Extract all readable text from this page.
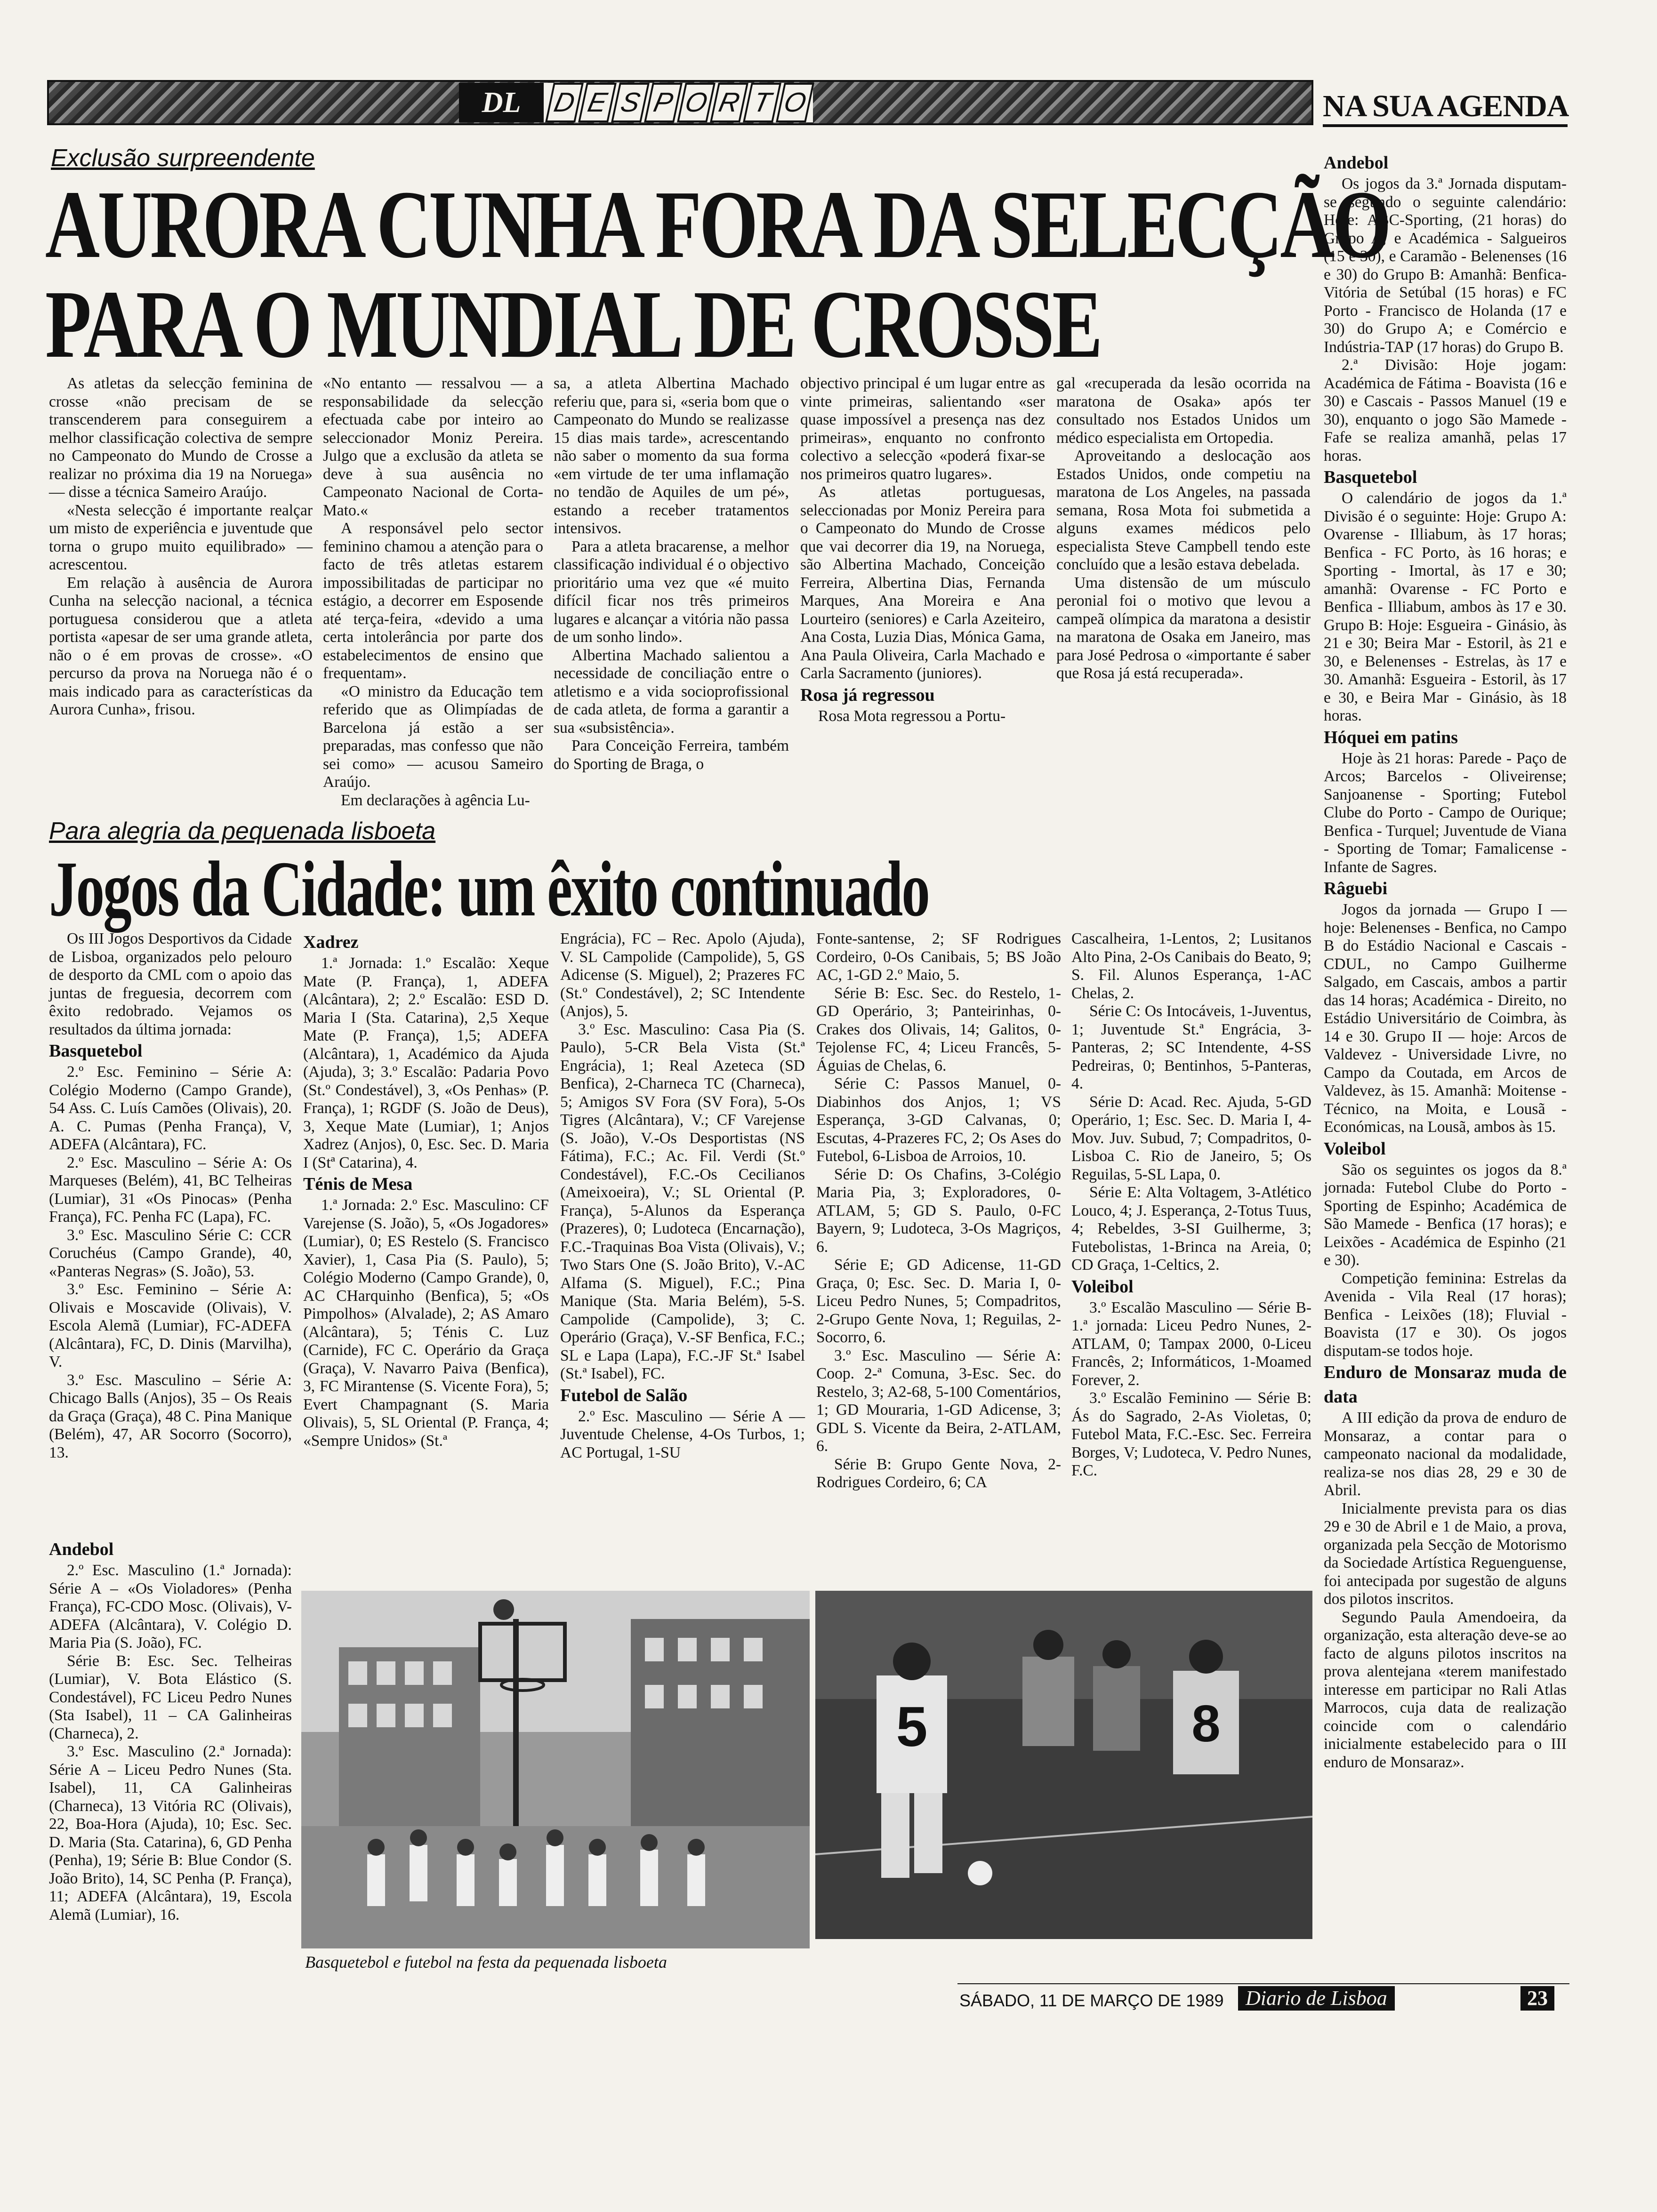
DL	D E S P O R T O	NA SUA AGENDA
Exclusão surpreendente
AURORA CUNHA FORA DA SELECÇÃO
PARA O MUNDIAL DE CROSSE

As atletas da selecção feminina de crosse «não precisam de se transcenderem para conseguirem a melhor classificação colectiva de sempre no Campeonato do Mundo de Crosse a realizar no próxima dia 19 na Noruega» — disse a técnica Sameiro Araújo.

«Nesta selecção é importante realçar um misto de experiência e juventude que torna o grupo muito equilibrado» — acrescentou.

Em relação à ausência de Aurora Cunha na selecção nacional, a técnica portuguesa considerou que a atleta portista «apesar de ser uma grande atleta, não o é em provas de crosse». «O percurso da prova na Noruega não é o mais indicado para as características da Aurora Cunha», frisou.

«No entanto — ressalvou — a responsabilidade da selecção efectuada cabe por inteiro ao seleccionador Moniz Pereira. Julgo que a exclusão da atleta se deve à sua ausência no Campeonato Nacional de Corta-Mato.«

A responsável pelo sector feminino chamou a atenção para o facto de três atletas estarem impossibilitadas de participar no estágio, a decorrer em Esposende até terça-feira, «devido a uma certa intolerância por parte dos estabelecimentos de ensino que frequentam».

«O ministro da Educação tem referido que as Olimpíadas de Barcelona já estão a ser preparadas, mas confesso que não sei como» — acusou Sameiro Araújo.

Em declarações à agência Lu-

sa, a atleta Albertina Machado referiu que, para si, «seria bom que o Campeonato do Mundo se realizasse 15 dias mais tarde», acrescentando não saber o momento da sua forma «em virtude de ter uma inflamação no tendão de Aquiles de um pé», estando a receber tratamentos intensivos.

Para a atleta bracarense, a melhor classificação individual é o objectivo prioritário uma vez que «é muito difícil ficar nos três primeiros lugares e alcançar a vitória não passa de um sonho lindo».

Albertina Machado salientou a necessidade de conciliação entre o atletismo e a vida socioprofissional de cada atleta, de forma a garantir a sua «subsistência».

Para Conceição Ferreira, também do Sporting de Braga, o

objectivo principal é um lugar entre as vinte primeiras, salientando «ser quase impossível a presença nas dez primeiras», enquanto no confronto colectivo a selecção «poderá fixar-se nos primeiros quatro lugares».

As atletas portuguesas, seleccionadas por Moniz Pereira para o Campeonato do Mundo de Crosse que vai decorrer dia 19, na Noruega, são Albertina Machado, Conceição Ferreira, Albertina Dias, Fernanda Marques, Ana Moreira e Ana Lourteiro (seniores) e Carla Azeiteiro, Ana Costa, Luzia Dias, Mónica Gama, Ana Paula Oliveira, Carla Machado e Carla Sacramento (juniores).

Rosa já regressou

Rosa Mota regressou a Portu-

gal «recuperada da lesão ocorrida na maratona de Osaka» após ter consultado nos Estados Unidos um médico especialista em Ortopedia.

Aproveitando a deslocação aos Estados Unidos, onde competiu na maratona de Los Angeles, na passada semana, Rosa Mota foi submetida a alguns exames médicos pelo especialista Steve Campbell tendo este concluído que a lesão estava debelada.

Uma distensão de um músculo peronial foi o motivo que levou a campeã olímpica da maratona a desistir na maratona de Osaka em Janeiro, mas para José Pedrosa o «importante é saber que Rosa já está recuperada».

Para alegria da pequenada lisboeta
Jogos da Cidade: um êxito continuado

Os III Jogos Desportivos da Cidade de Lisboa, organizados pelo pelouro de desporto da CML com o apoio das juntas de freguesia, decorrem com êxito redobrado. Vejamos os resultados da última jornada:

Basquetebol

2.º Esc. Feminino – Série A: Colégio Moderno (Campo Grande), 54 Ass. C. Luís Camões (Olivais), 20. A. C. Pumas (Penha França), V, ADEFA (Alcântara), FC.

2.º Esc. Masculino – Série A: Os Marqueses (Belém), 41, BC Telheiras (Lumiar), 31 «Os Pinocas» (Penha França), FC. Penha FC (Lapa), FC.

3.º Esc. Masculino Série C: CCR Coruchéus (Campo Grande), 40, «Panteras Negras» (S. João), 53.

3.º Esc. Feminino – Série A: Olivais e Moscavide (Olivais), V. Escola Alemã (Lumiar), FC-ADEFA (Alcântara), FC, D. Dinis (Marvilha), V.

3.º Esc. Masculino – Série A: Chicago Balls (Anjos), 35 – Os Reais da Graça (Graça), 48 C. Pina Manique (Belém), 47, AR Socorro (Socorro), 13.

Andebol

2.º Esc. Masculino (1.ª Jornada): Série A – «Os Violadores» (Penha França), FC-CDO Mosc. (Olivais), V-ADEFA (Alcântara), V. Colégio D. Maria Pia (S. João), FC.

Série B: Esc. Sec. Telheiras (Lumiar), V. Bota Elástico (S. Condestável), FC Liceu Pedro Nunes (Sta Isabel), 11 – CA Galinheiras (Charneca), 2.

3.º Esc. Masculino (2.ª Jornada): Série A – Liceu Pedro Nunes (Sta. Isabel), 11, CA Galinheiras (Charneca), 13 Vitória RC (Olivais), 22, Boa-Hora (Ajuda), 10; Esc. Sec. D. Maria (Sta. Catarina), 6, GD Penha (Penha), 19; Série B: Blue Condor (S. João Brito), 14, SC Penha (P. França), 11; ADEFA (Alcântara), 19, Escola Alemã (Lumiar), 16.

Xadrez

1.ª Jornada: 1.º Escalão: Xeque Mate (P. França), 1, ADEFA (Alcântara), 2; 2.º Escalão: ESD D. Maria I (Sta. Catarina), 2,5 Xeque Mate (P. França), 1,5; ADEFA (Alcântara), 1, Académico da Ajuda (Ajuda), 3; 3.º Escalão: Padaria Povo (St.º Condestável), 3, «Os Penhas» (P. França), 1; RGDF (S. João de Deus), 3, Xeque Mate (Lumiar), 1; Anjos Xadrez (Anjos), 0, Esc. Sec. D. Maria I (Stª Catarina), 4.

Ténis de Mesa

1.ª Jornada: 2.º Esc. Masculino: CF Varejense (S. João), 5, «Os Jogadores» (Lumiar), 0; ES Restelo (S. Francisco Xavier), 1, Casa Pia (S. Paulo), 5; Colégio Moderno (Campo Grande), 0, AC CHarquinho (Benfica), 5; «Os Pimpolhos» (Alvalade), 2; AS Amaro (Alcântara), 5; Ténis C. Luz (Carnide), FC C. Operário da Graça (Graça), V. Navarro Paiva (Benfica), 3, FC Mirantense (S. Vicente Fora), 5; Evert Champagnant (S. Maria Olivais), 5, SL Oriental (P. França, 4; «Sempre Unidos» (St.ª

Engrácia), FC – Rec. Apolo (Ajuda), V. SL Campolide (Campolide), 5, GS Adicense (S. Miguel), 2; Prazeres FC (St.º Condestável), 2; SC Intendente (Anjos), 5.

3.º Esc. Masculino: Casa Pia (S. Paulo), 5-CR Bela Vista (St.ª Engrácia), 1; Real Azeteca (SD Benfica), 2-Charneca TC (Charneca), 5; Amigos SV Fora (SV Fora), 5-Os Tigres (Alcântara), V.; CF Varejense (S. João), V.-Os Desportistas (NS Fátima), F.C.; Ac. Fil. Verdi (St.º Condestável), F.C.-Os Cecilianos (Ameixoeira), V.; SL Oriental (P. França), 5-Alunos da Esperança (Prazeres), 0; Ludoteca (Encarnação), F.C.-Traquinas Boa Vista (Olivais), V.; Two Stars One (S. João Brito), V.-AC Alfama (S. Miguel), F.C.; Pina Manique (Sta. Maria Belém), 5-S. Campolide (Campolide), 3; C. Operário (Graça), V.-SF Benfica, F.C.; SL e Lapa (Lapa), F.C.-JF St.ª Isabel (St.ª Isabel), FC.

Futebol de Salão

2.º Esc. Masculino — Série A — Juventude Chelense, 4-Os Turbos, 1; AC Portugal, 1-SU

Fonte-santense, 2; SF Rodrigues Cordeiro, 0-Os Canibais, 5; BS João AC, 1-GD 2.º Maio, 5.

Série B: Esc. Sec. do Restelo, 1-GD Operário, 3; Panteirinhas, 0-Crakes dos Olivais, 14; Galitos, 0-Tejolense FC, 4; Liceu Francês, 5-Águias de Chelas, 6.

Série C: Passos Manuel, 0-Diabinhos dos Anjos, 1; VS Esperança, 3-GD Calvanas, 0; Escutas, 4-Prazeres FC, 2; Os Ases do Futebol, 6-Lisboa de Arroios, 10.

Série D: Os Chafins, 3-Colégio Maria Pia, 3; Exploradores, 0-ATLAM, 5; GD S. Paulo, 0-FC Bayern, 9; Ludoteca, 3-Os Magriços, 6.

Série E; GD Adicense, 11-GD Graça, 0; Esc. Sec. D. Maria I, 0-Liceu Pedro Nunes, 5; Compadritos, 2-Grupo Gente Nova, 1; Reguilas, 2-Socorro, 6.

3.º Esc. Masculino — Série A: Coop. 2-ª Comuna, 3-Esc. Sec. do Restelo, 3; A2-68, 5-100 Comentários, 1; GD Mouraria, 1-GD Adicense, 3; GDL S. Vicente da Beira, 2-ATLAM, 6.

Série B: Grupo Gente Nova, 2-Rodrigues Cordeiro, 6; CA

Cascalheira, 1-Lentos, 2; Lusitanos Alto Pina, 2-Os Canibais do Beato, 9; S. Fil. Alunos Esperança, 1-AC Chelas, 2.

Série C: Os Intocáveis, 1-Juventus, 1; Juventude St.ª Engrácia, 3-Panteras, 2; SC Intendente, 4-SS Pedreiras, 0; Bentinhos, 5-Panteras, 4.

Série D: Acad. Rec. Ajuda, 5-GD Operário, 1; Esc. Sec. D. Maria I, 4-Mov. Juv. Subud, 7; Compadritos, 0-Lisboa C. Rio de Janeiro, 5; Os Reguilas, 5-SL Lapa, 0.

Série E: Alta Voltagem, 3-Atlético Louco, 4; J. Esperança, 2-Totus Tuus, 4; Rebeldes, 3-SI Guilherme, 3; Futebolistas, 1-Brinca na Areia, 0; CD Graça, 1-Celtics, 2.

Voleibol

3.º Escalão Masculino — Série B-1.ª jornada: Liceu Pedro Nunes, 2-ATLAM, 0; Tampax 2000, 0-Liceu Francês, 2; Informáticos, 1-Moamed Forever, 2.

3.º Escalão Feminino — Série B: Ás do Sagrado, 2-As Violetas, 0; Futebol Mata, F.C.-Esc. Sec. Ferreira Borges, V; Ludoteca, V. Pedro Nunes, F.C.

5	8
Basquetebol e futebol na festa da pequenada lisboeta

Andebol

Os jogos da 3.ª Jornada disputam-se segundo o seguinte calendário: Hoje: ABC-Sporting, (21 horas) do Grupo A, e Académica - Salgueiros (15 e 30), e Caramão - Belenenses (16 e 30) do Grupo B: Amanhã: Benfica-Vitória de Setúbal (15 horas) e FC Porto - Francisco de Holanda (17 e 30) do Grupo A; e Comércio e Indústria-TAP (17 horas) do Grupo B.

2.ª Divisão: Hoje jogam: Académica de Fátima - Boavista (16 e 30) e Cascais - Passos Manuel (19 e 30), enquanto o jogo São Mamede - Fafe se realiza amanhã, pelas 17 horas.

Basquetebol

O calendário de jogos da 1.ª Divisão é o seguinte: Hoje: Grupo A: Ovarense - Illiabum, às 17 horas; Benfica - FC Porto, às 16 horas; e Sporting - Imortal, às 17 e 30; amanhã: Ovarense - FC Porto e Benfica - Illiabum, ambos às 17 e 30. Grupo B: Hoje: Esgueira - Ginásio, às 21 e 30; Beira Mar - Estoril, às 21 e 30, e Belenenses - Estrelas, às 17 e 30. Amanhã: Esgueira - Estoril, às 17 e 30, e Beira Mar - Ginásio, às 18 horas.

Hóquei em patins

Hoje às 21 horas: Parede - Paço de Arcos; Barcelos - Oliveirense; Sanjoanense - Sporting; Futebol Clube do Porto - Campo de Ourique; Benfica - Turquel; Juventude de Viana - Sporting de Tomar; Famalicense - Infante de Sagres.

Râguebi

Jogos da jornada — Grupo I — hoje: Belenenses - Benfica, no Campo B do Estádio Nacional e Cascais - CDUL, no Campo Guilherme Salgado, em Cascais, ambos a partir das 14 horas; Académica - Direito, no Estádio Universitário de Coimbra, às 14 e 30. Grupo II — hoje: Arcos de Valdevez - Universidade Livre, no Campo da Coutada, em Arcos de Valdevez, às 15. Amanhã: Moitense - Técnico, na Moita, e Lousã - Económicas, na Lousã, ambos às 15.

Voleibol

São os seguintes os jogos da 8.ª jornada: Futebol Clube do Porto - Sporting de Espinho; Académica de São Mamede - Benfica (17 horas); e Leixões - Académica de Espinho (21 e 30).

Competição feminina: Estrelas da Avenida - Vila Real (17 horas); Benfica - Leixões (18); Fluvial - Boavista (17 e 30). Os jogos disputam-se todos hoje.

Enduro de Monsaraz muda de data

A III edição da prova de enduro de Monsaraz, a contar para o campeonato nacional da modalidade, realiza-se nos dias 28, 29 e 30 de Abril.

Inicialmente prevista para os dias 29 e 30 de Abril e 1 de Maio, a prova, organizada pela Secção de Motorismo da Sociedade Artística Reguenguense, foi antecipada por sugestão de alguns dos pilotos inscritos.

Segundo Paula Amendoeira, da organização, esta alteração deve-se ao facto de alguns pilotos inscritos na prova alentejana «terem manifestado interesse em participar no Rali Atlas Marrocos, cuja data de realização coincide com o calendário inicialmente estabelecido para o III enduro de Monsaraz».

SÁBADO, 11 DE MARÇO DE 1989	Diario de Lisboa	23
